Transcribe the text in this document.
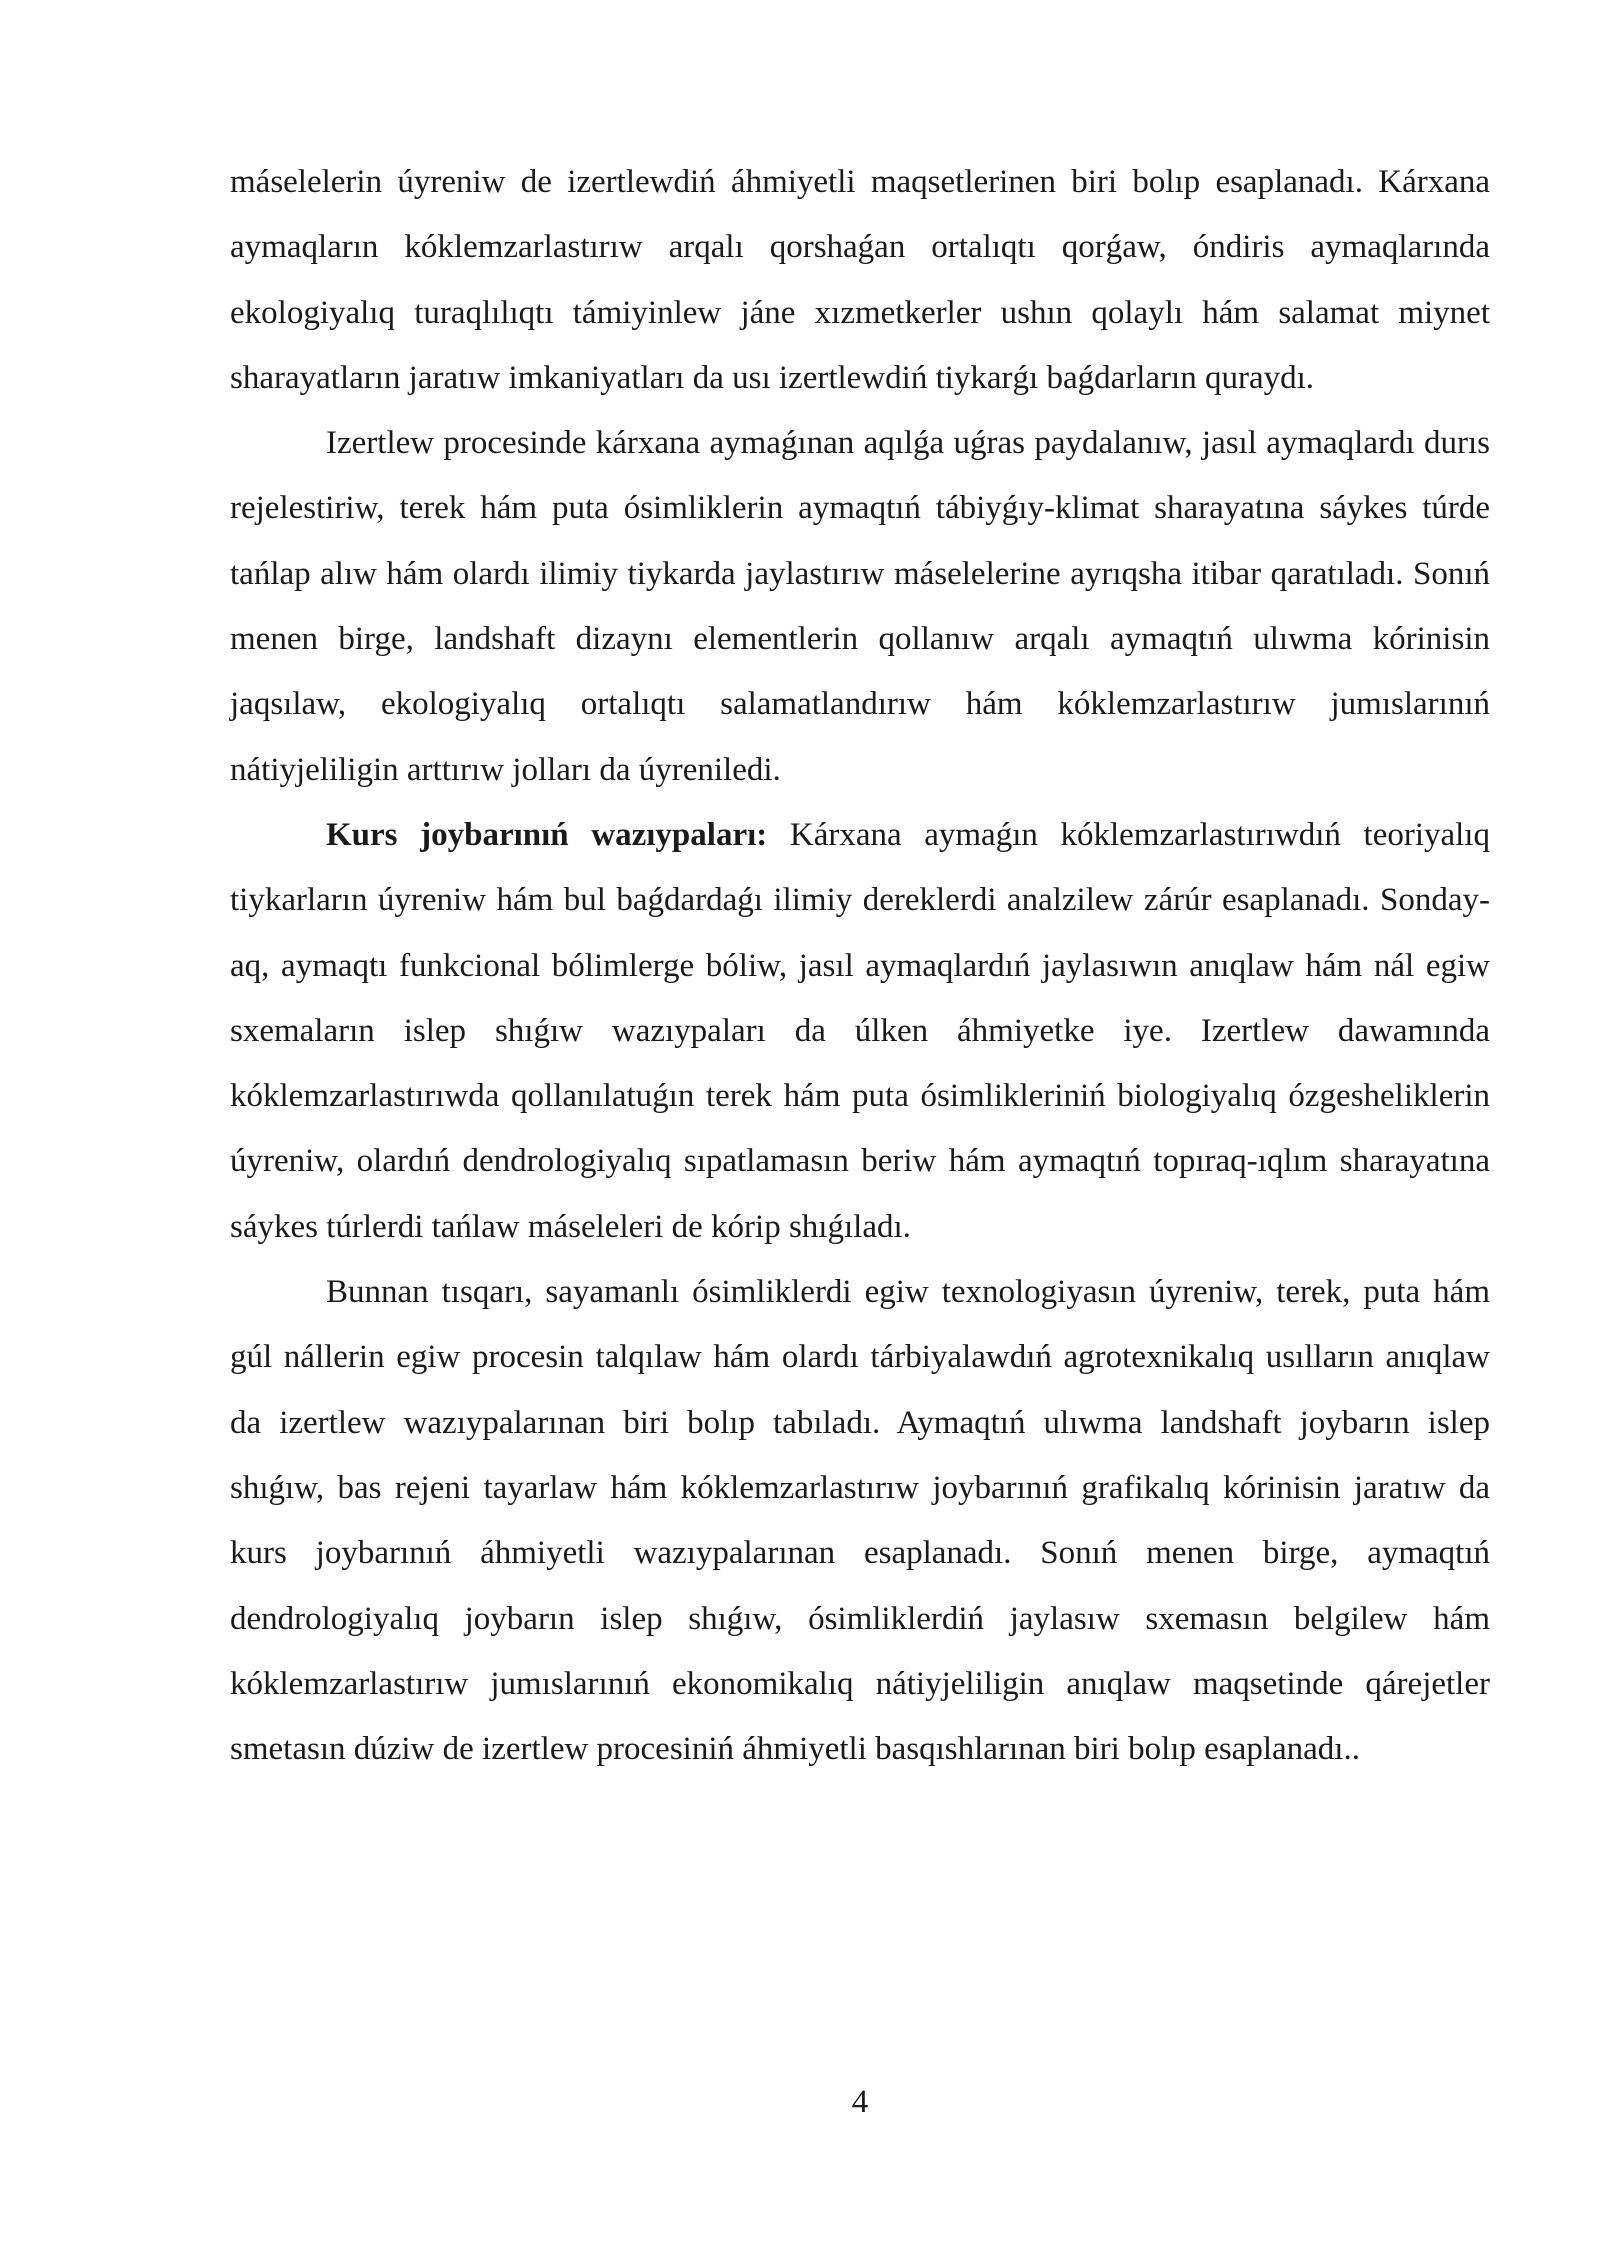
máselelerin úyreniw de izertlewdiń áhmiyetli maqsetlerinen biri bolıp esaplanadı. Kárxana aymaqların kóklemzarlastırıw arqalı qorshaǵan ortalıqtı qorǵaw, óndiris aymaqlarında ekologiyalıq turaqlılıqtı támiyinlew jáne xızmetkerler ushın qolaylı hám salamat miynet sharayatların jaratıw imkaniyatları da usı izertlewdiń tiykarǵı baǵdarların quraydı.

Izertlew procesinde kárxana aymaǵınan aqılǵa uǵras paydalanıw, jasıl aymaqlardı durıs rejelestiriw, terek hám puta ósimliklerin aymaqtıń tábiyǵıy-klimat sharayatına sáykes túrde tańlap alıw hám olardı ilimiy tiykarda jaylastırıw máselelerine ayrıqsha itibar qaratıladı. Sonıń menen birge, landshaft dizaynı elementlerin qollanıw arqalı aymaqtıń ulıwma kórinisin jaqsılaw, ekologiyalıq ortalıqtı salamatlandırıw hám kóklemzarlastırıw jumıslarınıń nátiyjeliligin arttırıw jolları da úyreniledi.

Kurs joybarınıń wazıypaları: Kárxana aymaǵın kóklemzarlastırıwdıń teoriyalıq tiykarların úyreniw hám bul baǵdardaǵı ilimiy dereklerdi analzilew zárúr esaplanadı. Sonday-aq, aymaqtı funkcional bólimlerge bóliw, jasıl aymaqlardıń jaylasıwın anıqlaw hám nál egiw sxemaların islep shıǵıw wazıypaları da úlken áhmiyetke iye. Izertlew dawamında kóklemzarlastırıwda qollanılatuǵın terek hám puta ósimlikleriniń biologiyalıq ózgesheliklerin úyreniw, olardıń dendrologiyalıq sıpatlamasın beriw hám aymaqtıń topıraq-ıqlım sharayatına sáykes túrlerdi tańlaw máseleleri de kórip shıǵıladı.

Bunnan tısqarı, sayamanlı ósimliklerdi egiw texnologiyasın úyreniw, terek, puta hám gúl nállerin egiw procesin talqılaw hám olardı tárbiyalawdıń agrotexnikalıq usılların anıqlaw da izertlew wazıypalarınan biri bolıp tabıladı. Aymaqtıń ulıwma landshaft joybarın islep shıǵıw, bas rejeni tayarlaw hám kóklemzarlastırıw joybarınıń grafikalıq kórinisin jaratıw da kurs joybarınıń áhmiyetli wazıypalarınan esaplanadı. Sonıń menen birge, aymaqtıń dendrologiyalıq joybarın islep shıǵıw, ósimliklerdiń jaylasıw sxemasın belgilew hám kóklemzarlastırıw jumıslarınıń ekonomikalıq nátiyjeliligin anıqlaw maqsetinde qárejetler smetasın dúziw de izertlew procesiniń áhmiyetli basqıshlarınan biri bolıp esaplanadı..

4
